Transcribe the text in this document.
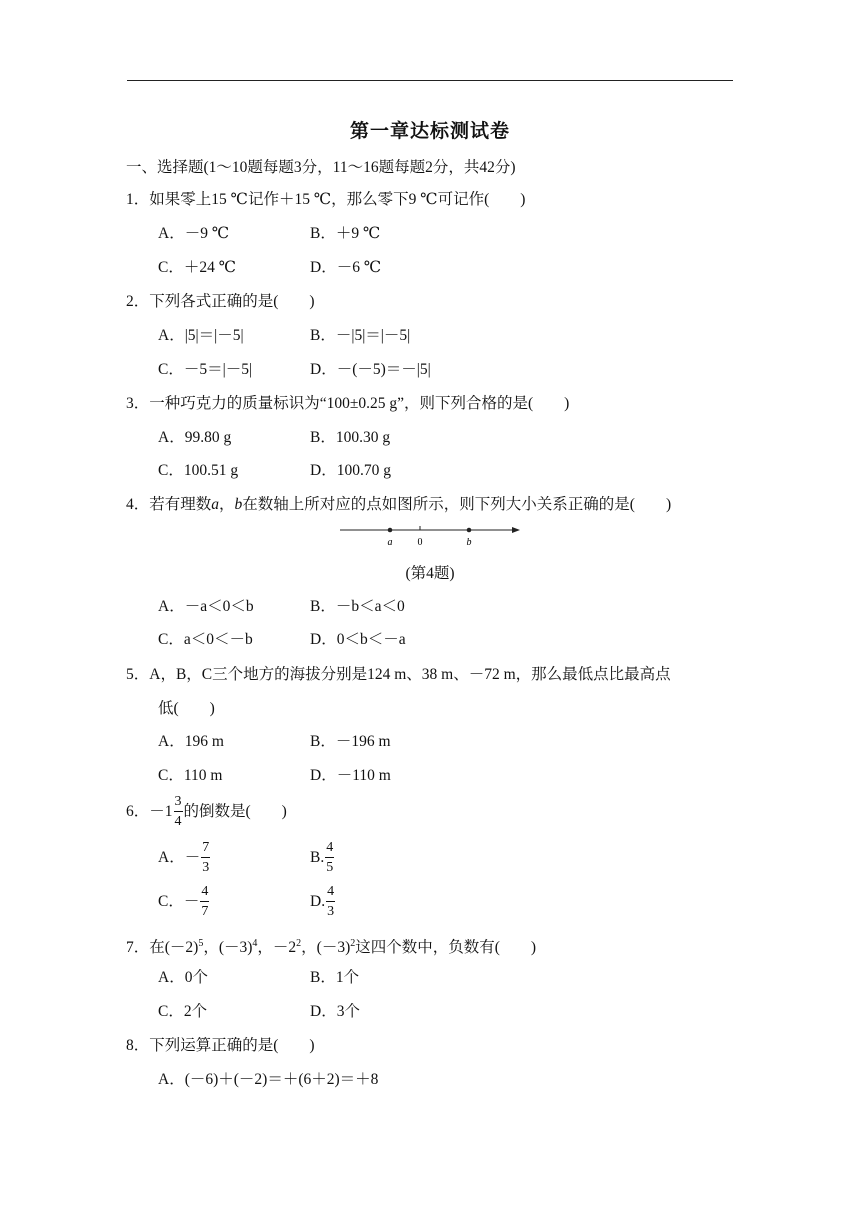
第一章达标测试卷
一、选择题(1～10题每题3分，11～16题每题2分，共42分)
1．如果零上15 ℃记作＋15 ℃，那么零下9 ℃可记作(　　)
A．－9 ℃	B．＋9 ℃
C．＋24 ℃	D．－6 ℃
2．下列各式正确的是(　　)
A．|5|＝|－5|	B．－|5|＝|－5|
C．－5＝|－5|	D．－(－5)＝－|5|
3．一种巧克力的质量标识为“100±0.25 g”，则下列合格的是(　　)
A．99.80 g	B．100.30 g
C．100.51 g	D．100.70 g
4．若有理数a，b在数轴上所对应的点如图所示，则下列大小关系正确的是(　　)
a	0	b
(第4题)
A．－a＜0＜b	B．－b＜a＜0
C．a＜0＜－b	D．0＜b＜－a
5．A，B，C三个地方的海拔分别是124 m、38 m、－72 m，那么最低点比最高点
低(　　)
A．196 m	B．－196 m
C．110 m	D．－110 m
6．$-1 \frac{3}{4}$ 的倒数是(　　)
A．－ $\frac{7}{3}$	B. $\frac{4}{5}$
C．－ $\frac{4}{7}$	D. $\frac{4}{3}$
7．在$(-2)^5$，$(-3)^4$，$-2^2$，$(-3)^2$这四个数中，负数有(　　)
A．0个	B．1个
C．2个	D．3个
8．下列运算正确的是(　　)
A．(－6)＋(－2)＝＋(6＋2)＝＋8
